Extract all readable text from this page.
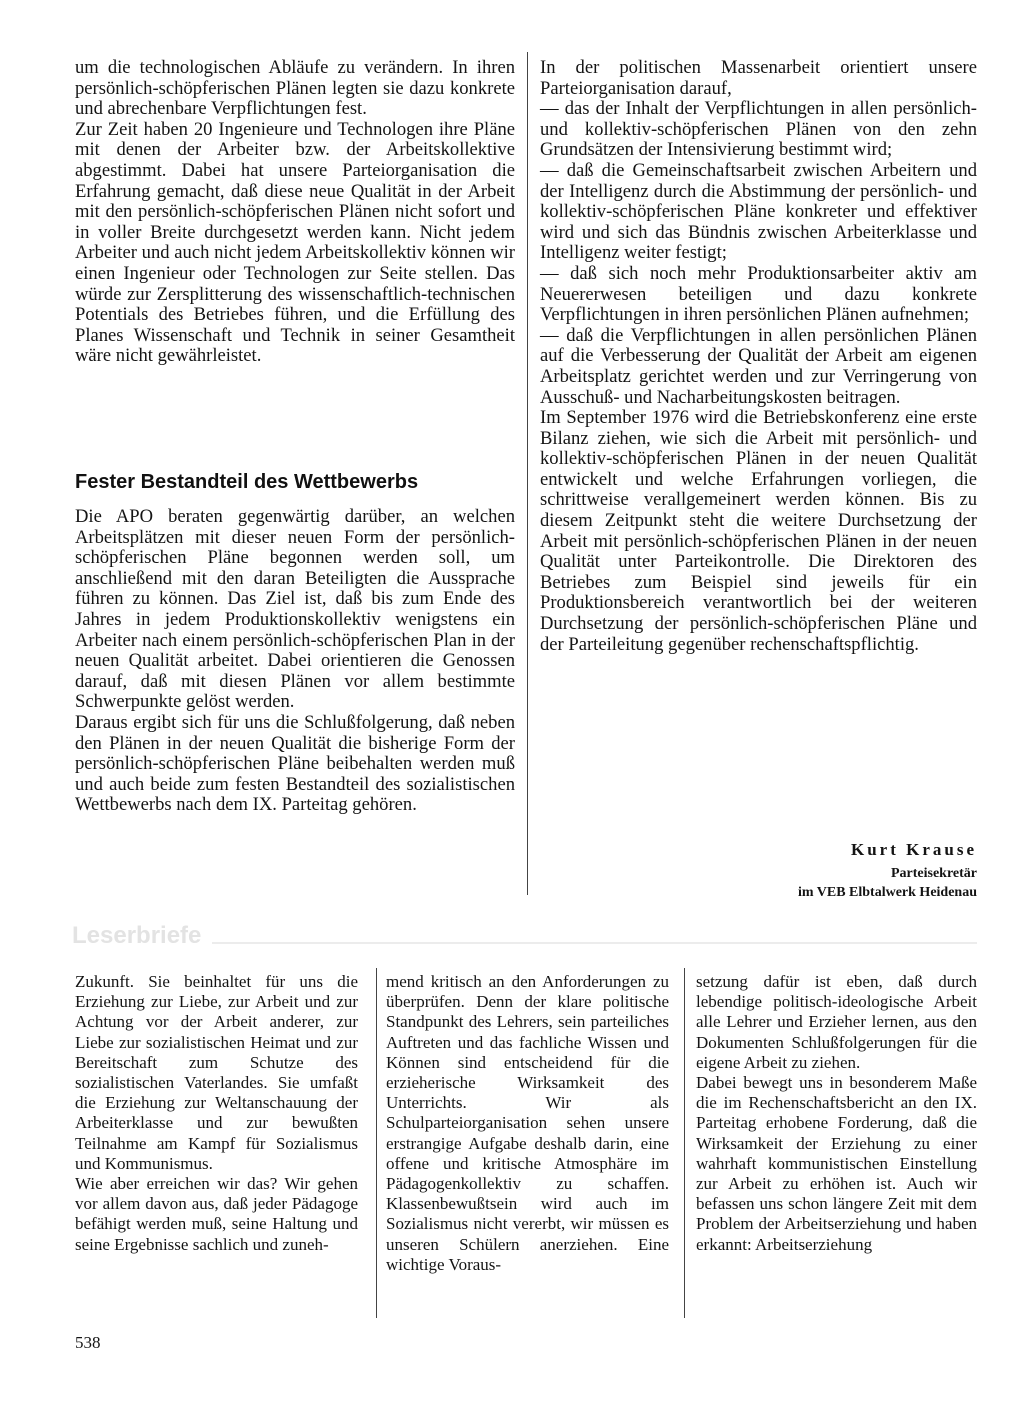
um die technologischen Abläufe zu verändern. In ihren persönlich-schöpferischen Plänen legten sie dazu konkrete und abrechenbare Verpflichtungen fest.

Zur Zeit haben 20 Ingenieure und Technologen ihre Pläne mit denen der Arbeiter bzw. der Arbeitskollektive abgestimmt. Dabei hat unsere Parteiorganisation die Erfahrung gemacht, daß diese neue Qualität in der Arbeit mit den persönlich-schöpferischen Plänen nicht sofort und in voller Breite durchgesetzt werden kann. Nicht jedem Arbeiter und auch nicht jedem Arbeitskollektiv können wir einen Ingenieur oder Technologen zur Seite stellen. Das würde zur Zersplitterung des wissenschaftlich-technischen Potentials des Betriebes führen, und die Erfüllung des Planes Wissenschaft und Technik in seiner Gesamtheit wäre nicht gewährleistet.

Fester Bestandteil des Wettbewerbs

Die APO beraten gegenwärtig darüber, an welchen Arbeitsplätzen mit dieser neuen Form der persönlich-schöpferischen Pläne begonnen werden soll, um anschließend mit den daran Beteiligten die Aussprache führen zu können. Das Ziel ist, daß bis zum Ende des Jahres in jedem Produktionskollektiv wenigstens ein Arbeiter nach einem persönlich-schöpferischen Plan in der neuen Qualität arbeitet. Dabei orientieren die Genossen darauf, daß mit diesen Plänen vor allem bestimmte Schwerpunkte gelöst werden.

Daraus ergibt sich für uns die Schlußfolgerung, daß neben den Plänen in der neuen Qualität die bisherige Form der persönlich-schöpferischen Pläne beibehalten werden muß und auch beide zum festen Bestandteil des sozialistischen Wettbewerbs nach dem IX. Parteitag gehören.

In der politischen Massenarbeit orientiert unsere Parteiorganisation darauf,

— das der Inhalt der Verpflichtungen in allen persönlich- und kollektiv-schöpferischen Plänen von den zehn Grundsätzen der Intensivierung bestimmt wird;

— daß die Gemeinschaftsarbeit zwischen Arbeitern und der Intelligenz durch die Abstimmung der persönlich- und kollektiv-schöpferischen Pläne konkreter und effektiver wird und sich das Bündnis zwischen Arbeiterklasse und Intelligenz weiter festigt;

— daß sich noch mehr Produktionsarbeiter aktiv am Neuererwesen beteiligen und dazu konkrete Verpflichtungen in ihren persönlichen Plänen aufnehmen;

— daß die Verpflichtungen in allen persönlichen Plänen auf die Verbesserung der Qualität der Arbeit am eigenen Arbeitsplatz gerichtet werden und zur Verringerung von Ausschuß- und Nacharbeitungskosten beitragen.

Im September 1976 wird die Betriebskonferenz eine erste Bilanz ziehen, wie sich die Arbeit mit persönlich- und kollektiv-schöpferischen Plänen in der neuen Qualität entwickelt und welche Erfahrungen vorliegen, die schrittweise verallgemeinert werden können. Bis zu diesem Zeitpunkt steht die weitere Durchsetzung der Arbeit mit persönlich-schöpferischen Plänen in der neuen Qualität unter Parteikontrolle. Die Direktoren des Betriebes zum Beispiel sind jeweils für ein Produktionsbereich verantwortlich bei der weiteren Durchsetzung der persönlich-schöpferischen Pläne und der Parteileitung gegenüber rechenschaftspflichtig.

Kurt Krause
Parteisekretär
im VEB Elbtalwerk Heidenau
Leserbriefe

Zukunft. Sie beinhaltet für uns die Erziehung zur Liebe, zur Arbeit und zur Achtung vor der Arbeit anderer, zur Liebe zur sozialistischen Heimat und zur Bereitschaft zum Schutze des sozialistischen Vaterlandes. Sie umfaßt die Erziehung zur Weltanschauung der Arbeiterklasse und zur bewußten Teilnahme am Kampf für Sozialismus und Kommunismus.

Wie aber erreichen wir das? Wir gehen vor allem davon aus, daß jeder Pädagoge befähigt werden muß, seine Haltung und seine Ergebnisse sachlich und zuneh-

mend kritisch an den Anforderungen zu überprüfen. Denn der klare politische Standpunkt des Lehrers, sein parteiliches Auftreten und das fachliche Wissen und Können sind entscheidend für die erzieherische Wirksamkeit des Unterrichts. Wir als Schulparteiorganisation sehen unsere erstrangige Aufgabe deshalb darin, eine offene und kritische Atmosphäre im Pädagogenkollektiv zu schaffen. Klassenbewußtsein wird auch im Sozialismus nicht vererbt, wir müssen es unseren Schülern anerziehen. Eine wichtige Voraus-

setzung dafür ist eben, daß durch lebendige politisch-ideologische Arbeit alle Lehrer und Erzieher lernen, aus den Dokumenten Schlußfolgerungen für die eigene Arbeit zu ziehen.

Dabei bewegt uns in besonderem Maße die im Rechenschaftsbericht an den IX. Parteitag erhobene Forderung, daß die Wirksamkeit der Erziehung zu einer wahrhaft kommunistischen Einstellung zur Arbeit zu erhöhen ist. Auch wir befassen uns schon längere Zeit mit dem Problem der Arbeitserziehung und haben erkannt: Arbeitserziehung

538
